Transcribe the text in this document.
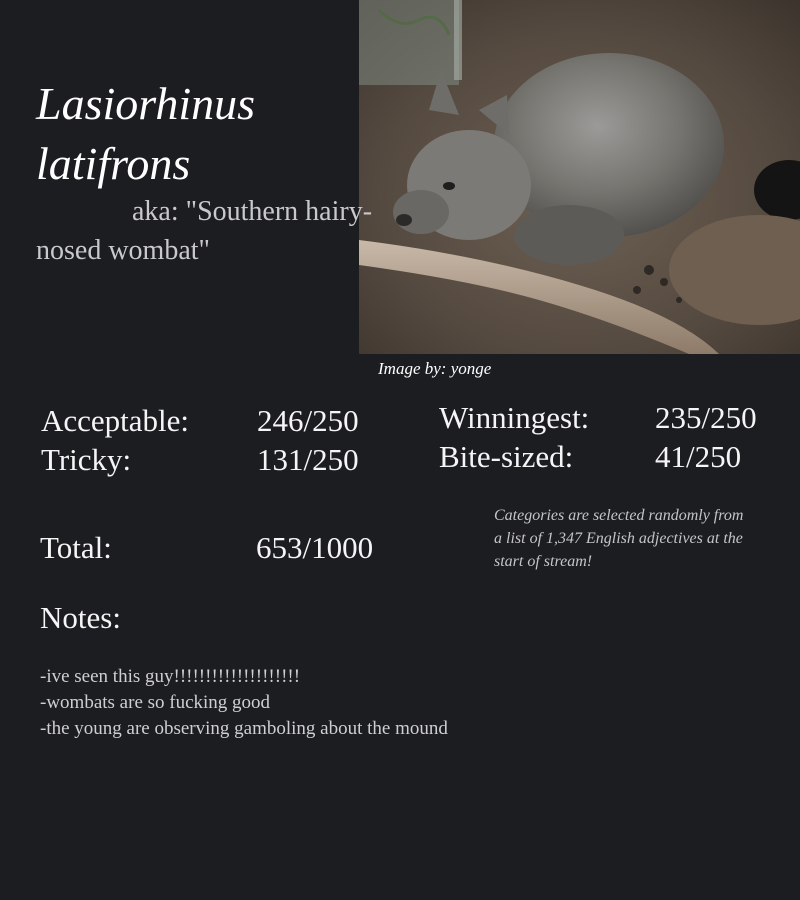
Lasiorhinus
latifrons
aka: "Southern hairy-nosed wombat"
Image by: yonge
Acceptable: 246/250
Tricky:	131/250
Winningest: 235/250
Bite-sized:	41/250
Total:	653/1000
Categories are selected randomly from a list of 1,347 English adjectives at the start of stream!
Notes:
-ive seen this guy!!!!!!!!!!!!!!!!!!!!
-wombats are so fucking good
-the young are observing gamboling about the mound
